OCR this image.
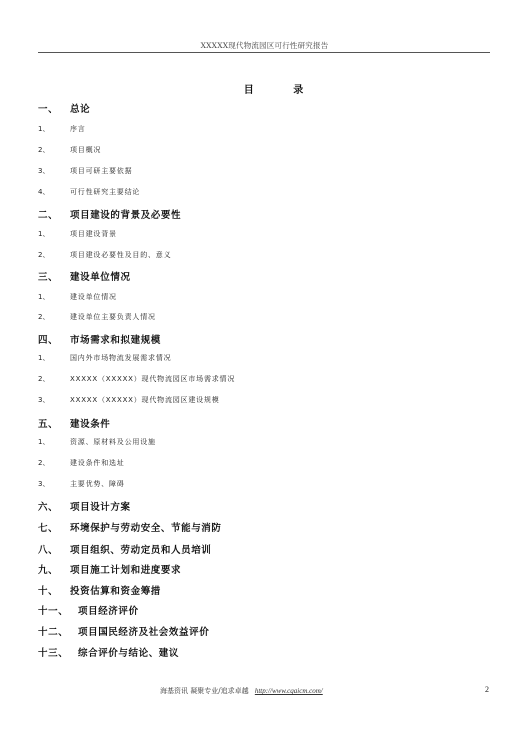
XXXXX现代物流园区可行性研究报告
目 录
一、 总论
1、	序言
2、	项目概况
3、	项目可研主要依据
4、	可行性研究主要结论
二、 项目建设的背景及必要性
1、	项目建设背景
2、	项目建设必要性及目的、意义
三、 建设单位情况
1、	建设单位情况
2、	建设单位主要负责人情况
四、 市场需求和拟建规模
1、	国内外市场物流发展需求情况
2、	XXXXX（XXXXX）现代物流园区市场需求情况
3、	XXXXX（XXXXX）现代物流园区建设规模
五、 建设条件
1、	资源、原材料及公用设施
2、	建设条件和选址
3、	主要优势、障碍
六、 项目设计方案
七、 环境保护与劳动安全、节能与消防
八、 项目组织、劳动定员和人员培训
九、 项目施工计划和进度要求
十、 投资估算和资金筹措
十一、 项目经济评价
十二、 项目国民经济及社会效益评价
十三、 综合评价与结论、建议
海基资讯 凝聚专业/追求卓越 http://www.cqaicm.com/	2
